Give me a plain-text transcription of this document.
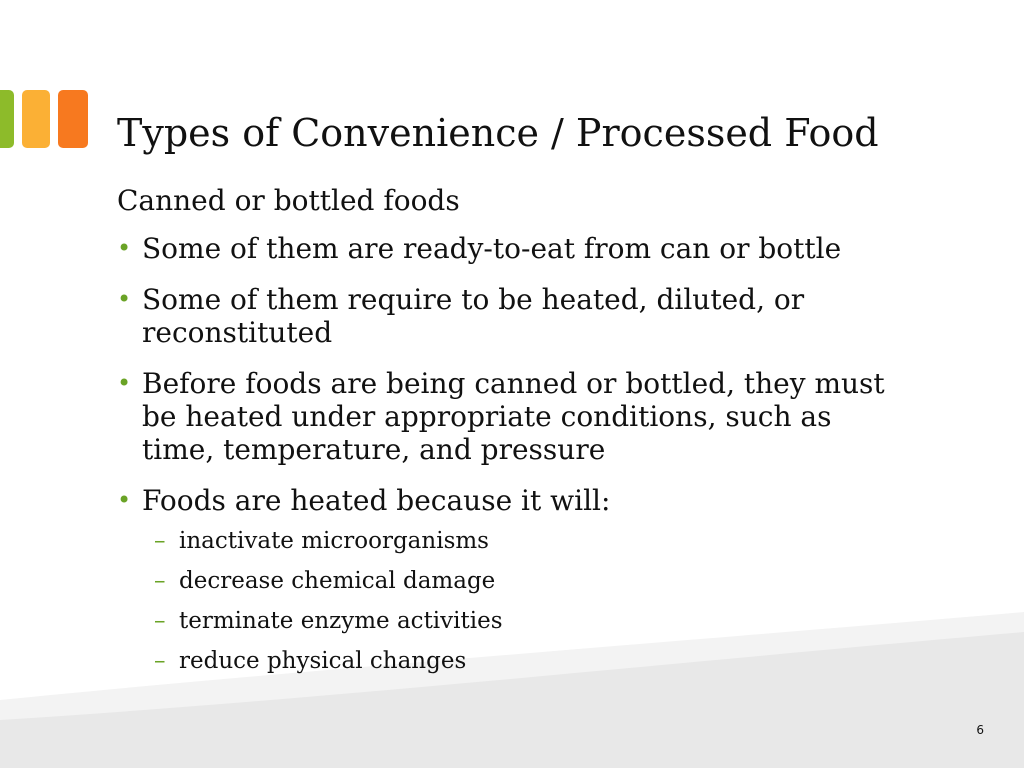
Types of Convenience / Processed Food

Canned or bottled foods

• Some of them are ready-to-eat from can or bottle
• Some of them require to be heated, diluted, or reconstituted
• Before foods are being canned or bottled, they must be heated under appropriate conditions, such as time, temperature, and pressure
• Foods are heated because it will:
– inactivate microorganisms
– decrease chemical damage
– terminate enzyme activities
– reduce physical changes
6
